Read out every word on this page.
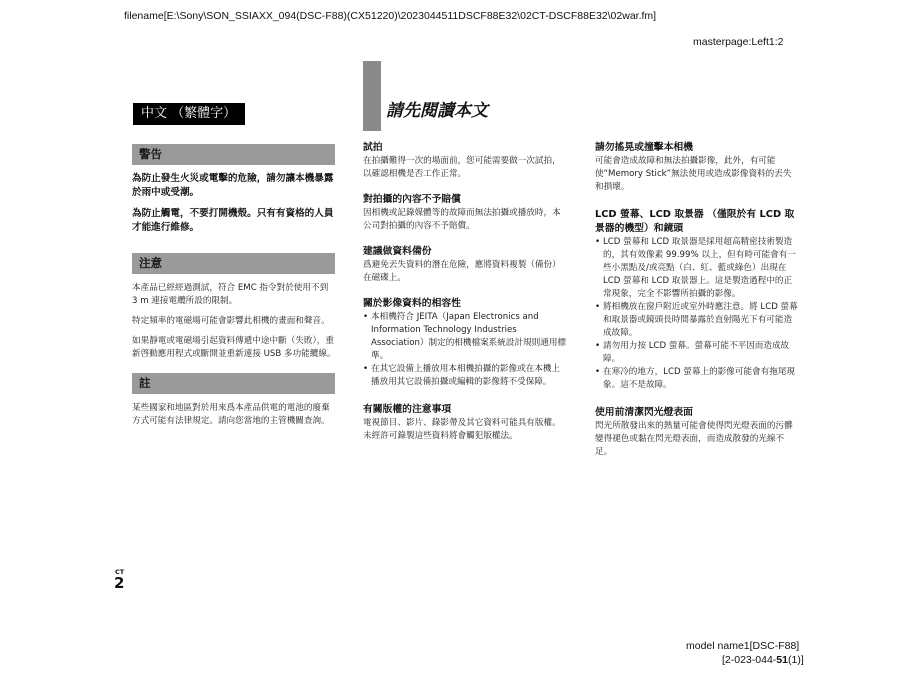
filename[E:\Sony\SON_SSIAXX_094(DSC-F88)(CX51220)\2023044511DSCF88E32\02CT-DSCF88E32\02war.fm]
masterpage:Left1:2
中文 （繁體字）	請先閱讀本文
警告
為防止發生火災或電擊的危險，請勿讓本機暴露於雨中或受潮。
為防止觸電，不要打開機殼。只有有資格的人員才能進行維修。
注意
本產品已經經過測試，符合 EMC 指令對於使用不到 3 m 連接電纜所設的限制。
特定頻率的電磁場可能會影響此相機的畫面和聲音。
如果靜電或電磁場引起資料傳遞中途中斷（失敗），重新啓動應用程式或斷開並重新連接 USB 多功能纜線。
註
某些國家和地區對於用來爲本產品供電的電池的廢棄方式可能有法律規定。請向您當地的主管機關查詢。
試拍
在拍攝難得一次的場面前，您可能需要做一次試拍，以確認相機是否工作正常。
對拍攝的內容不予賠償
因相機或記錄媒體等的故障而無法拍攝或播放時，本公司對拍攝的內容不予賠償。
建議做資料備份
爲避免丟失資料的潛在危險，應將資料複製（備份）在磁碟上。
關於影像資料的相容性
• 本相機符合 JEITA（Japan Electronics and Information Technology Industries Association）制定的相機檔案系統設計規則通用標準。
• 在其它設備上播放用本相機拍攝的影像或在本機上播放用其它設備拍攝或編輯的影像將不受保障。
有關版權的注意事項
電視節目、影片、錄影帶及其它資料可能具有版權。未經許可錄製這些資料將會觸犯版權法。
請勿搖晃或撞擊本相機
可能會造成故障和無法拍攝影像，此外，有可能使“Memory Stick”無法使用或造成影像資料的丟失和損壞。
LCD 螢幕、LCD 取景器 （僅限於有 LCD 取景器的機型）和鏡頭
• LCD 螢幕和 LCD 取景器是採用超高精密技術製造的，其有效像素 99.99% 以上，但有時可能會有一些小黑點及/或亮點（白、紅、藍或綠色）出現在 LCD 螢幕和 LCD 取景器上。這是製造過程中的正常現象，完全不影響所拍攝的影像。
• 將相機放在窗戶附近或室外時應注意。將 LCD 螢幕和取景器或鏡頭長時間暴露於直射陽光下有可能造成故障。
• 請勿用力按 LCD 螢幕。螢幕可能不平因而造成故障。
• 在寒冷的地方，LCD 螢幕上的影像可能會有拖尾現象。這不是故障。
使用前清潔閃光燈表面
閃光所散發出來的熱量可能會使得閃光燈表面的污髒變得褪色或黏在閃光燈表面，而造成散發的光線不足。
CT
2
model name1[DSC-F88]
[2-023-044-51(1)]
